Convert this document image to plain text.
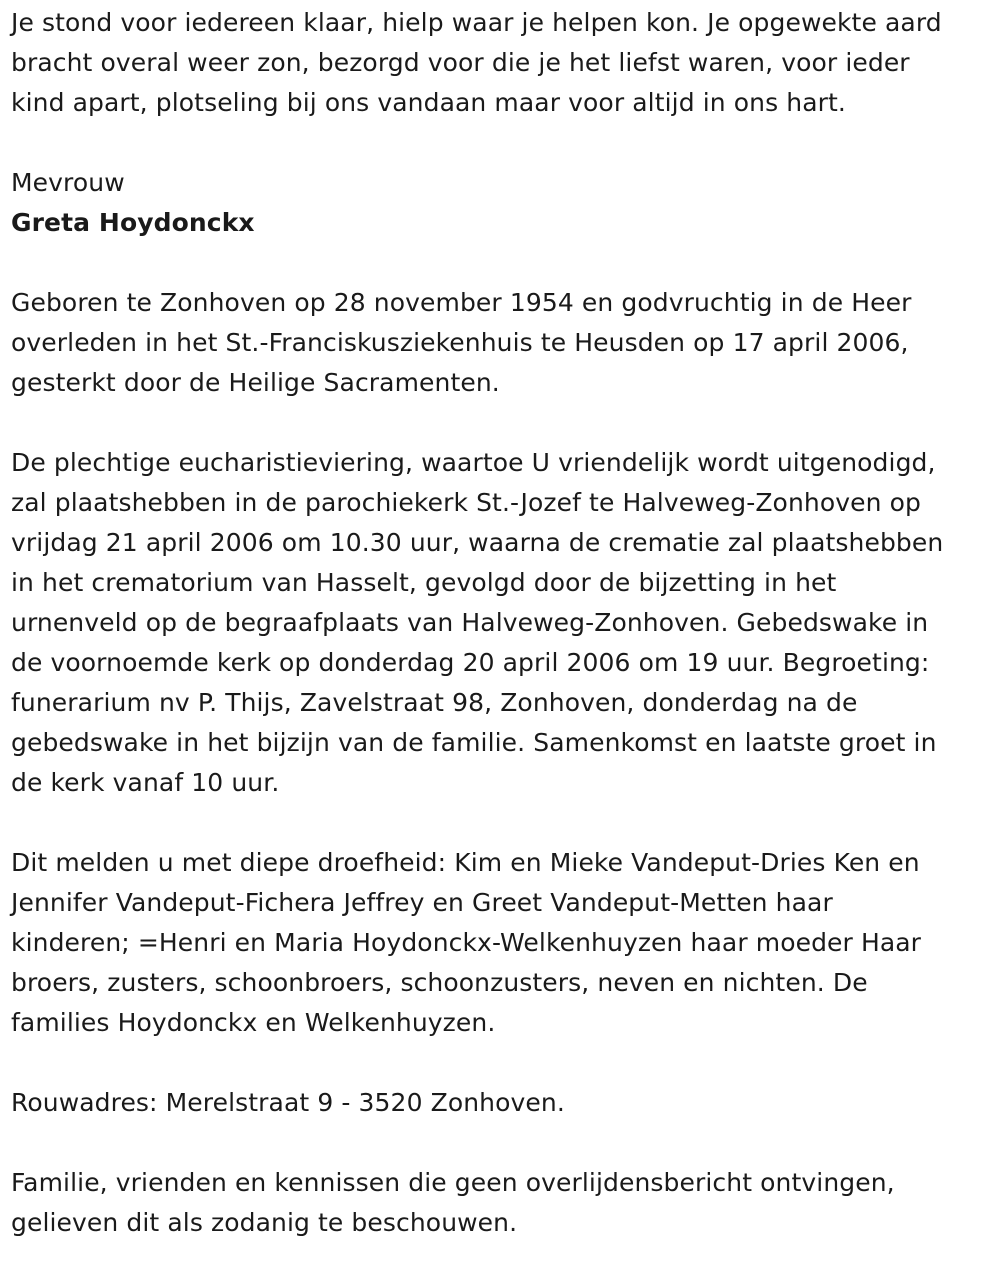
Je stond voor iedereen klaar, hielp waar je helpen kon. Je opgewekte aard
bracht overal weer zon, bezorgd voor die je het liefst waren, voor ieder
kind apart, plotseling bij ons vandaan maar voor altijd in ons hart.
Mevrouw
Greta Hoydonckx
Geboren te Zonhoven op 28 november 1954 en godvruchtig in de Heer
overleden in het St.-Franciskusziekenhuis te Heusden op 17 april 2006,
gesterkt door de Heilige Sacramenten.
De plechtige eucharistieviering, waartoe U vriendelijk wordt uitgenodigd,
zal plaatshebben in de parochiekerk St.-Jozef te Halveweg-Zonhoven op
vrijdag 21 april 2006 om 10.30 uur, waarna de crematie zal plaatshebben
in het crematorium van Hasselt, gevolgd door de bijzetting in het
urnenveld op de begraafplaats van Halveweg-Zonhoven. Gebedswake in
de voornoemde kerk op donderdag 20 april 2006 om 19 uur. Begroeting:
funerarium nv P. Thijs, Zavelstraat 98, Zonhoven, donderdag na de
gebedswake in het bijzijn van de familie. Samenkomst en laatste groet in
de kerk vanaf 10 uur.
Dit melden u met diepe droefheid: Kim en Mieke Vandeput-Dries Ken en
Jennifer Vandeput-Fichera Jeffrey en Greet Vandeput-Metten haar
kinderen; =Henri en Maria Hoydonckx-Welkenhuyzen haar moeder Haar
broers, zusters, schoonbroers, schoonzusters, neven en nichten. De
families Hoydonckx en Welkenhuyzen.
Rouwadres: Merelstraat 9 - 3520 Zonhoven.
Familie, vrienden en kennissen die geen overlijdensbericht ontvingen,
gelieven dit als zodanig te beschouwen.
